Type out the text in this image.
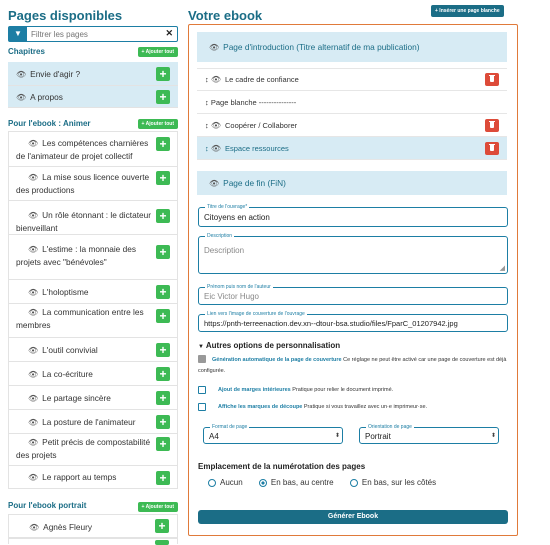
Pages disponibles
▼
Filtrer les pages	✕
Chapitres	+ Ajouter tout
👁 Envie d'agir ?	+
👁 A propos	+
Pour l'ebook : Animer	+ Ajouter tout
👁 Les compétences charnières de l'animateur de projet collectif
+
👁 La mise sous licence ouverte des productions
+
👁 Un rôle étonnant : le dictateur bienveillant
+
👁 L'estime : la monnaie des projets avec "bénévoles"
+
👁 L'holoptisme	+
👁 La communication entre les membres
+
👁 L'outil convivial	+
👁 La co-écriture	+
👁 Le partage sincère	+
👁 La posture de l'animateur +
👁 Petit précis de compostabilité des projets
+
👁 Le rapport au temps	+
Pour l'ebook portrait	+ Ajouter tout
👁 Agnès Fleury	+
Votre ebook	+ Insérer une page blanche
👁 Page d'introduction (Titre alternatif de ma publication)
↕ 👁 Le cadre de confiance
↕ Page blanche ---------------
↕ 👁 Coopérer / Collaborer
↕ 👁 Espace ressources
👁 Page de fin (FiN)
Titre de l'ouvrage*
Citoyens en action
Description
Description
◢
Prénom puis nom de l'auteur
Eic Victor Hugo
Lien vers l'image de couverture de l'ouvrage
https://pnth-terreenaction.dev.xn--dtour-bsa.studio/files/FparC_01207942.jpg
▼ Autres options de personnalisation
Génération automatique de la page de couverture Ce réglage ne peut être activé car une page de couverture est déjà configurée.
Ajout de marges intérieures Pratique pour relier le document imprimé.
Affiche les marques de découpe Pratique si vous travaillez avec un·e imprimeur·se.
Format de page
A4	⬍
Orientation de page
Portrait	⬍
Emplacement de la numérotation des pages
Aucun	En bas, au centre	En bas, sur les côtés
Générer Ebook
